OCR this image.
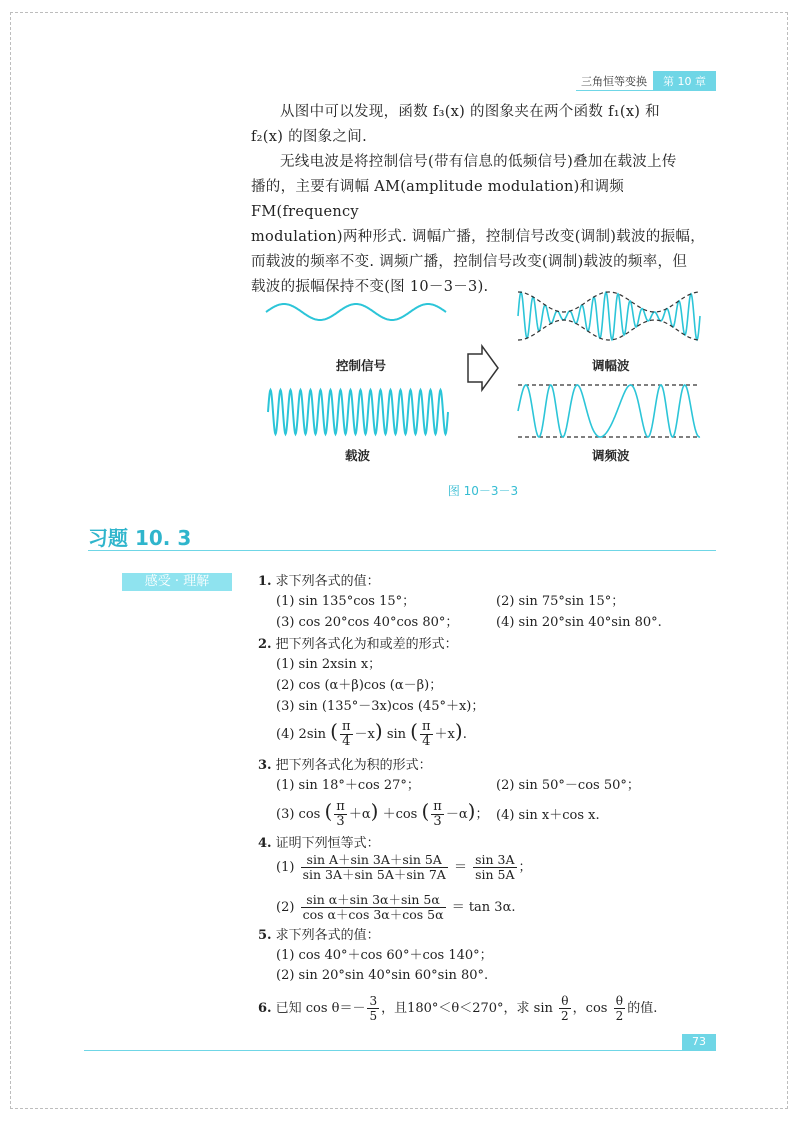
三角恒等变换	第 10 章
从图中可以发现，函数 f₃(x) 的图象夹在两个函数 f₁(x) 和
f₂(x) 的图象之间.
无线电波是将控制信号(带有信息的低频信号)叠加在载波上传
播的，主要有调幅 AM(amplitude modulation)和调频 FM(frequency
modulation)两种形式. 调幅广播，控制信号改变(调制)载波的振幅，
而载波的频率不变. 调频广播，控制信号改变(调制)载波的频率，但
载波的振幅保持不变(图 10－3－3).
控制信号
载波
调幅波
调频波
图 10－3－3
习题 10. 3
感受 · 理解	1. 求下列各式的值：
(1) sin 135°cos 15°；	(2) sin 75°sin 15°；
(3) cos 20°cos 40°cos 80°；	(4) sin 20°sin 40°sin 80°.
2. 把下列各式化为和或差的形式：
(1) sin 2xsin x；
(2) cos (α＋β)cos (α－β)；
(3) sin (135°－3x)cos (45°＋x)；
(4) 2sin ( $\frac{\pi}{4} -x$) sin ( $\frac{\pi}{4} +x$).
3. 把下列各式化为积的形式：
(1) sin 18°＋cos 27°；	(2) sin 50°－cos 50°；
(3) cos ( $\frac{\pi}{3} +\alpha) +\cos$ ( $\frac{\pi}{3} -\alpha$)； (4) sin x＋cos x.
4. 证明下列恒等式：
$(1) \frac{\text{sin A＋sin 3A＋sin 5A}}{\sin 3A+\sin 5A+\sin 7A} = \frac{\sin 3A}{\sin 5A}$ ；
$(2) \frac{\text{sin α＋sin 3α＋sin 5α}}{\text{cos α＋cos 3α＋cos 5α}} = \tan 3\alpha$.
5. 求下列各式的值：
(1) cos 40°＋cos 60°＋cos 140°；
(2) sin 20°sin 40°sin 60°sin 80°.
6. 已知 $\cos \theta=- \frac{3}{5}$ ，且180°＜θ＜270°，求 $\sin \frac{\theta}{2}$ ，$\cos \frac{\theta}{2}$ 的值.
73
